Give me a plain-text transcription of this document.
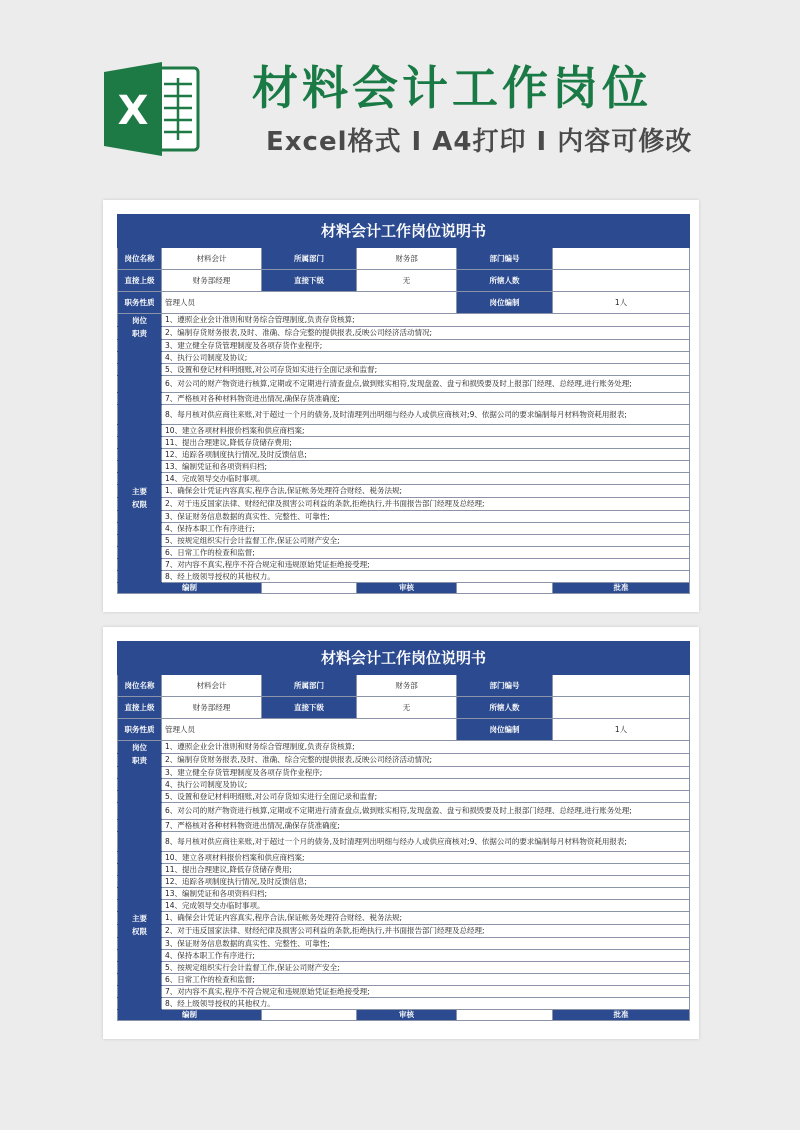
X 材料会计工作岗位
Excel格式 I A4打印 I 内容可修改
材料会计工作岗位说明书						
岗位名称	材料会计	所属部门	财务部	部门编号		
直接上级	财务部经理	直接下级	无	所辖人数		
职务性质	管理人员			岗位编制	1人	
岗位	1、遵照企业会计准则和财务综合管理制度,负责存货核算;					
职责	2、编制存货财务报表,及时、准确、综合完整的提供报表,反映公司经济活动情况;					
	3、建立健全存货管理制度及各项存货作业程序;					
	4、执行公司制度及协议;					
	5、设置和登记材料明细账,对公司存货如实进行全面记录和监督;					
	6、对公司的财产物资进行核算,定期或不定期进行清查盘点,做到账实相符,发现盘盈、盘亏和损毁要及时上报部门经理、总经理,进行账务处理;					
	7、严格核对各种材料物资进出情况,确保存货准确度;					
	8、每月核对供应商往来账,对于超过一个月的债务,及时清理列出明细与经办人或供应商核对;9、依据公司的要求编制每月材料物资耗用报表;					
	10、建立各项材料报价档案和供应商档案;					
	11、提出合理建议,降低存货储存费用;					
	12、追踪各项制度执行情况,及时反馈信息;					
	13、编制凭证和各项资料归档;					
	14、完成领导交办临时事项。					
主要	1、确保会计凭证内容真实,程序合法,保证帐务处理符合财经、税务法规;					
权限	2、对于违反国家法律、财经纪律及损害公司利益的条款,拒绝执行,并书面报告部门经理及总经理;					
	3、保证财务信息数据的真实性、完整性、可靠性;					
	4、保持本职工作有序进行;					
	5、按规定组织实行会计监督工作,保证公司财产安全;					
	6、日常工作的检查和监督;					
	7、对内容不真实,程序不符合规定和违规原始凭证拒绝接受理;					
	8、经上级领导授权的其他权力。					
编制			审核		批准	
材料会计工作岗位说明书						
岗位名称	材料会计	所属部门	财务部	部门编号		
直接上级	财务部经理	直接下级	无	所辖人数		
职务性质	管理人员			岗位编制	1人	
岗位	1、遵照企业会计准则和财务综合管理制度,负责存货核算;					
职责	2、编制存货财务报表,及时、准确、综合完整的提供报表,反映公司经济活动情况;					
	3、建立健全存货管理制度及各项存货作业程序;					
	4、执行公司制度及协议;					
	5、设置和登记材料明细账,对公司存货如实进行全面记录和监督;					
	6、对公司的财产物资进行核算,定期或不定期进行清查盘点,做到账实相符,发现盘盈、盘亏和损毁要及时上报部门经理、总经理,进行账务处理;					
	7、严格核对各种材料物资进出情况,确保存货准确度;					
	8、每月核对供应商往来账,对于超过一个月的债务,及时清理列出明细与经办人或供应商核对;9、依据公司的要求编制每月材料物资耗用报表;					
	10、建立各项材料报价档案和供应商档案;					
	11、提出合理建议,降低存货储存费用;					
	12、追踪各项制度执行情况,及时反馈信息;					
	13、编制凭证和各项资料归档;					
	14、完成领导交办临时事项。					
主要	1、确保会计凭证内容真实,程序合法,保证帐务处理符合财经、税务法规;					
权限	2、对于违反国家法律、财经纪律及损害公司利益的条款,拒绝执行,并书面报告部门经理及总经理;					
	3、保证财务信息数据的真实性、完整性、可靠性;					
	4、保持本职工作有序进行;					
	5、按规定组织实行会计监督工作,保证公司财产安全;					
	6、日常工作的检查和监督;					
	7、对内容不真实,程序不符合规定和违规原始凭证拒绝接受理;					
	8、经上级领导授权的其他权力。					
编制			审核		批准	
